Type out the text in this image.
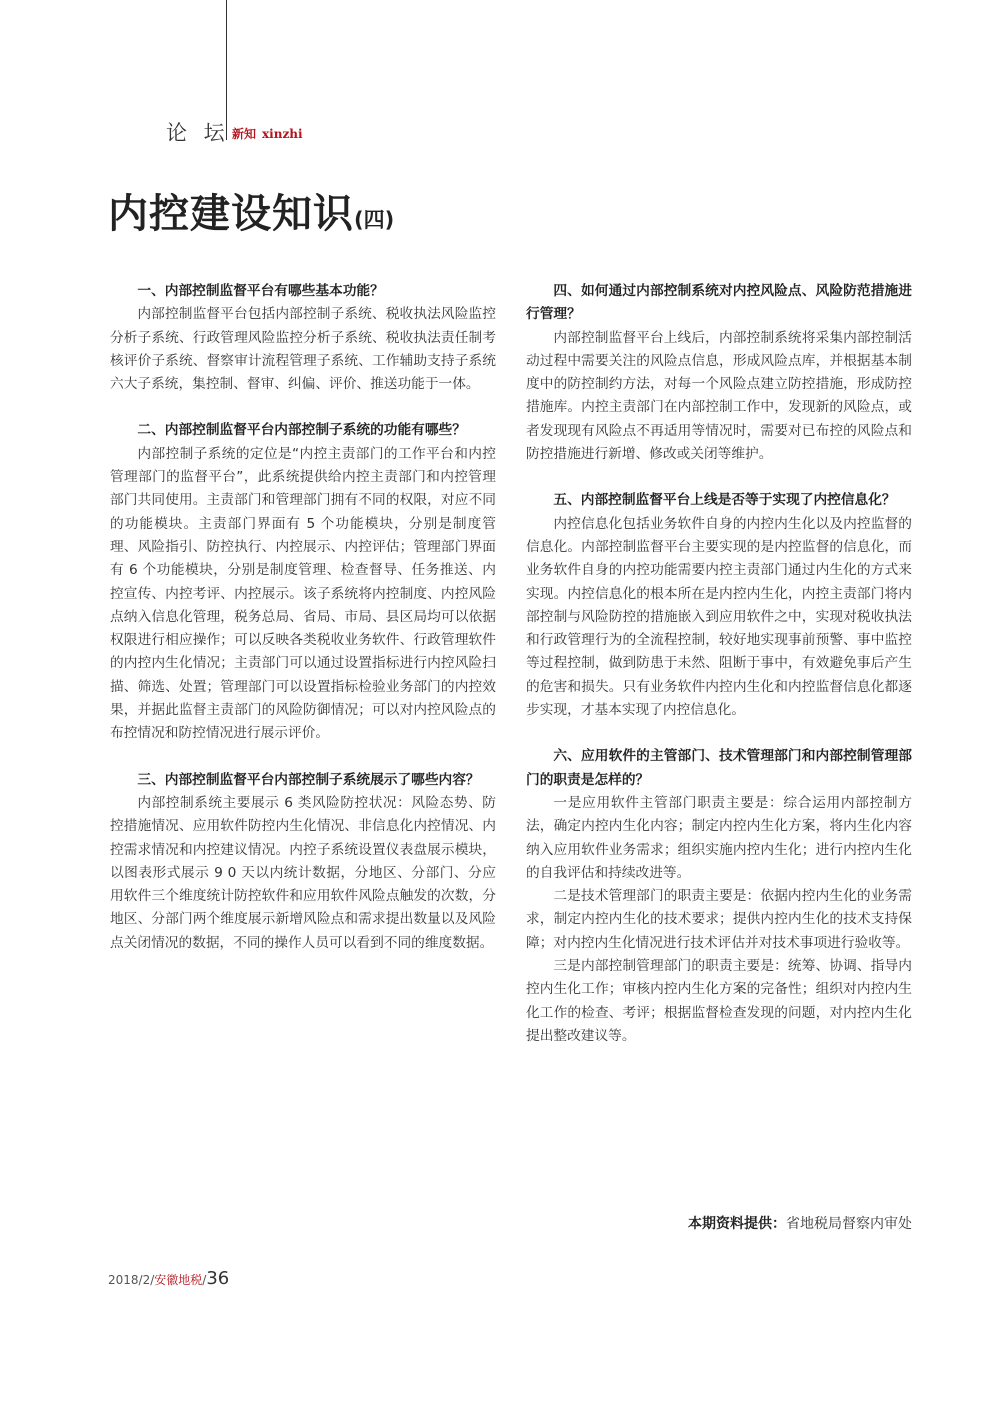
论 坛 新知 xinzhi
内控建设知识(四)

一、内部控制监督平台有哪些基本功能？

内部控制监督平台包括内部控制子系统、税收执法风险监控分析子系统、行政管理风险监控分析子系统、税收执法责任制考核评价子系统、督察审计流程管理子系统、工作辅助支持子系统六大子系统，集控制、督审、纠偏、评价、推送功能于一体。

二、内部控制监督平台内部控制子系统的功能有哪些？

内部控制子系统的定位是“内控主责部门的工作平台和内控管理部门的监督平台”，此系统提供给内控主责部门和内控管理部门共同使用。主责部门和管理部门拥有不同的权限，对应不同的功能模块。主责部门界面有 5 个功能模块，分别是制度管理、风险指引、防控执行、内控展示、内控评估；管理部门界面有 6 个功能模块，分别是制度管理、检查督导、任务推送、内控宣传、内控考评、内控展示。该子系统将内控制度、内控风险点纳入信息化管理，税务总局、省局、市局、县区局均可以依据权限进行相应操作；可以反映各类税收业务软件、行政管理软件的内控内生化情况；主责部门可以通过设置指标进行内控风险扫描、筛选、处置；管理部门可以设置指标检验业务部门的内控效果，并据此监督主责部门的风险防御情况；可以对内控风险点的布控情况和防控情况进行展示评价。

三、内部控制监督平台内部控制子系统展示了哪些内容？

内部控制系统主要展示 6 类风险防控状况：风险态势、防控措施情况、应用软件防控内生化情况、非信息化内控情况、内控需求情况和内控建议情况。内控子系统设置仪表盘展示模块，以图表形式展示 9 0 天以内统计数据，分地区、分部门、分应用软件三个维度统计防控软件和应用软件风险点触发的次数，分地区、分部门两个维度展示新增风险点和需求提出数量以及风险点关闭情况的数据，不同的操作人员可以看到不同的维度数据。

四、如何通过内部控制系统对内控风险点、风险防范措施进行管理？

内部控制监督平台上线后，内部控制系统将采集内部控制活动过程中需要关注的风险点信息，形成风险点库，并根据基本制度中的防控制约方法，对每一个风险点建立防控措施，形成防控措施库。内控主责部门在内部控制工作中，发现新的风险点，或者发现现有风险点不再适用等情况时，需要对已布控的风险点和防控措施进行新增、修改或关闭等维护。

五、内部控制监督平台上线是否等于实现了内控信息化？

内控信息化包括业务软件自身的内控内生化以及内控监督的信息化。内部控制监督平台主要实现的是内控监督的信息化，而业务软件自身的内控功能需要内控主责部门通过内生化的方式来实现。内控信息化的根本所在是内控内生化，内控主责部门将内部控制与风险防控的措施嵌入到应用软件之中，实现对税收执法和行政管理行为的全流程控制，较好地实现事前预警、事中监控等过程控制，做到防患于未然、阻断于事中，有效避免事后产生的危害和损失。只有业务软件内控内生化和内控监督信息化都逐步实现，才基本实现了内控信息化。

六、应用软件的主管部门、技术管理部门和内部控制管理部门的职责是怎样的？

一是应用软件主管部门职责主要是：综合运用内部控制方法，确定内控内生化内容；制定内控内生化方案，将内生化内容纳入应用软件业务需求；组织实施内控内生化；进行内控内生化的自我评估和持续改进等。

二是技术管理部门的职责主要是：依据内控内生化的业务需求，制定内控内生化的技术要求；提供内控内生化的技术支持保障；对内控内生化情况进行技术评估并对技术事项进行验收等。

三是内部控制管理部门的职责主要是：统筹、协调、指导内控内生化工作；审核内控内生化方案的完备性；组织对内控内生化工作的检查、考评；根据监督检查发现的问题，对内控内生化提出整改建议等。

本期资料提供：省地税局督察内审处
2018/2/安徽地税/36
